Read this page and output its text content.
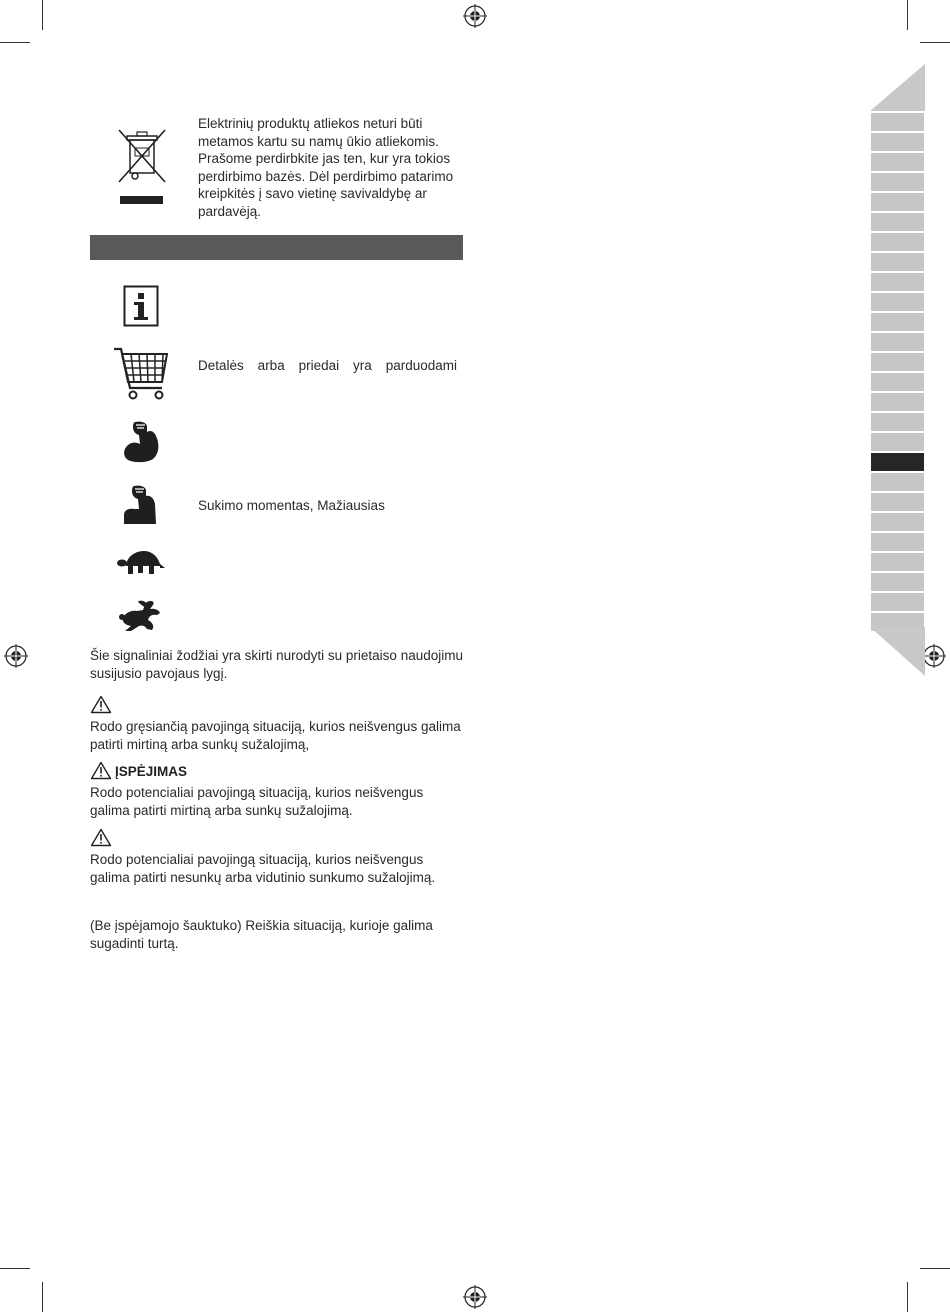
Elektrinių produktų atliekos neturi būti metamos kartu su namų ūkio atliekomis. Prašome perdirbkite jas ten, kur yra tokios perdirbimo bazės. Dėl perdirbimo patarimo kreipkitės į savo vietinę savivaldybę ar pardavėją.
Detalės arba priedai yra parduodami
Sukimo momentas, Mažiausias
Šie signaliniai žodžiai yra skirti nurodyti su prietaiso naudojimu susijusio pavojaus lygį.
Rodo gręsiančią pavojingą situaciją, kurios neišvengus galima patirti mirtiną arba sunkų sužalojimą,
ĮSPĖJIMAS
Rodo potencialiai pavojingą situaciją, kurios neišvengus galima patirti mirtiną arba sunkų sužalojimą.
Rodo potencialiai pavojingą situaciją, kurios neišvengus galima patirti nesunkų arba vidutinio sunkumo sužalojimą.
(Be įspėjamojo šauktuko) Reiškia situaciją, kurioje galima sugadinti turtą.
